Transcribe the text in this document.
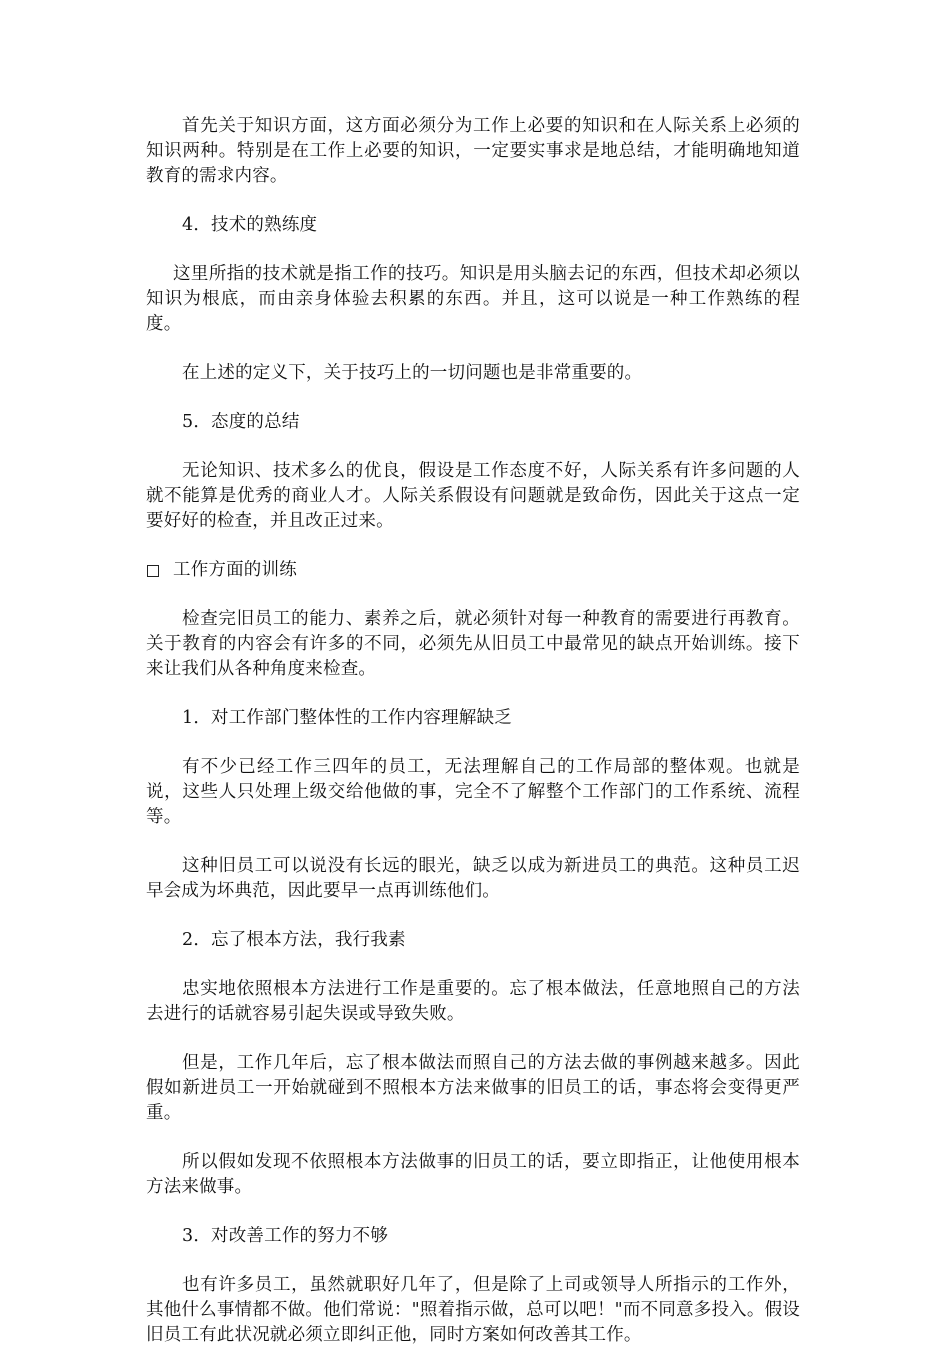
首先关于知识方面，这方面必须分为工作上必要的知识和在人际关系上必须的知识两种。特别是在工作上必要的知识，一定要实事求是地总结，才能明确地知道教育的需求内容。

4．技术的熟练度

这里所指的技术就是指工作的技巧。知识是用头脑去记的东西，但技术却必须以知识为根底，而由亲身体验去积累的东西。并且，这可以说是一种工作熟练的程度。

在上述的定义下，关于技巧上的一切问题也是非常重要的。

5．态度的总结

无论知识、技术多么的优良，假设是工作态度不好，人际关系有许多问题的人就不能算是优秀的商业人才。人际关系假设有问题就是致命伤，因此关于这点一定要好好的检查，并且改正过来。

工作方面的训练

检查完旧员工的能力、素养之后，就必须针对每一种教育的需要进行再教育。关于教育的内容会有许多的不同，必须先从旧员工中最常见的缺点开始训练。接下来让我们从各种角度来检查。

1．对工作部门整体性的工作内容理解缺乏

有不少已经工作三四年的员工，无法理解自己的工作局部的整体观。也就是说，这些人只处理上级交给他做的事，完全不了解整个工作部门的工作系统、流程等。

这种旧员工可以说没有长远的眼光，缺乏以成为新进员工的典范。这种员工迟早会成为坏典范，因此要早一点再训练他们。

2．忘了根本方法，我行我素

忠实地依照根本方法进行工作是重要的。忘了根本做法，任意地照自己的方法去进行的话就容易引起失误或导致失败。

但是，工作几年后，忘了根本做法而照自己的方法去做的事例越来越多。因此假如新进员工一开始就碰到不照根本方法来做事的旧员工的话，事态将会变得更严重。

所以假如发现不依照根本方法做事的旧员工的话，要立即指正，让他使用根本方法来做事。

3．对改善工作的努力不够

也有许多员工，虽然就职好几年了，但是除了上司或领导人所指示的工作外，其他什么事情都不做。他们常说："照着指示做，总可以吧！"而不同意多投入。假设旧员工有此状况就必须立即纠正他，同时方案如何改善其工作。
